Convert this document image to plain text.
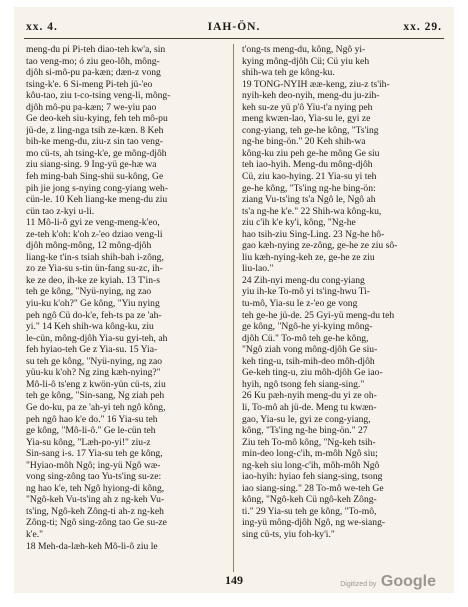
xx. 4.	IAH-ÖN.	xx. 29.
meng-du pi Pi-teh diao-teh kw'a, sin
tao veng-mo; ó ziu geo-lôh, mông-
djôh si-mô-pu pa-kæn; dæn-z vong
tsing-k'e. 6 Si-meng Pi-teh jü-'eo
kôu-tao, ziu t-co-tsing veng-li, mông-
djôh mô-pu pa-kæn; 7 we-yiu pao
Ge deo-keh siu-kying, feh teh mô-pu
jü-de, z ling-nga tsih ze-kæn. 8 Keh
bih-ke meng-du, ziu-z sin tao veng-
mo cü-ts, ah tsing-k'e, ge mông-djôh
ziu siang-sing. 9 Ing-yü ge-hæ wa
feh ming-bah Sing-shü su-kông, Ge
pih jie jong s-nying cong-yiang weh-
cün-le. 10 Keh liang-ke meng-du ziu
cün tao z-kyi u-li.
11 Mô-li-ô gyi ze veng-meng-k'eo,
ze-teh k'oh: k'oh z-'eo dziao veng-li
djôh mông-mông, 12 mông-djôh
liang-ke t'in-s tsiah shih-bah i-zông,
zo ze Yia-su s-tin ün-fang su-zc, ih-
ke ze deo, ih-ke ze kyiah. 13 T'in-s
teh ge kông, "Nyü-nying, ng zao
yiu-ku k'oh?" Ge kông, "Yiu nying
peh ngô Cü do-k'e, feh-ts pa ze 'ah-
yi." 14 Keh shih-wa kông-ku, ziu
le-cün, mông-djôh Yia-su gyi-teh, ah
feh hyiao-teh Ge z Yia-su. 15 Yia-
su teh ge kông, "Nyü-nying, ng zao
yüu-ku k'oh? Ng zing kæh-nying?"
Mô-li-ô ts'eng z kwön-yün cü-ts, ziu
teh ge kông, "Sin-sang, Ng ziah peh
Ge do-ku, pa ze 'ah-yi teh ngô kông,
peh ngô hao k'e do." 16 Yia-su teh
ge kông, "Mô-li-ô." Ge le-cün teh
Yia-su kông, "Læh-po-yi!" ziu-z
Sin-sang i-s. 17 Yia-su teh ge kông,
"Hyiao-môh Ngô; ing-yü Ngô wæ-
vong sing-zông tao Yu-ts'ing su-ze:
ng hao k'e, teh Ngô hyiong-di kông,
"Ngô-keh Vu-ts'ing ah z ng-keh Vu-
ts'ing, Ngô-keh Zông-ti ah-z ng-keh
Zông-ti; Ngô sing-zông tao Ge su-ze
k'e."
18 Meh-da-læh-keh Mô-li-ô ziu le
t'ong-ts meng-du, kông, Ngô yi-
kying mông-djôh Cü; Cü yiu keh
shih-wa teh ge kông-ku.
19 TONG-NYIH ææ-keng, ziu-z ts'ih-
nyih-keh deo-nyih, meng-du ju-zih-
keh su-ze yü p'ô Yiu-t'a nying peh
meng kwæn-lao, Yia-su le, gyi ze
cong-yiang, teh ge-he kông, "Ts'ing
ng-he bing-ön." 20 Keh shih-wa
kông-ku ziu peh ge-he mông Ge siu
teh iao-hyih. Meng-du mông-djôh
Cü, ziu kao-hying. 21 Yia-su yi teh
ge-he kông, "Ts'ing ng-he bing-ön:
ziang Vu-ts'ing ts'a Ngô le, Ngô ah
ts'a ng-he k'e." 22 Shih-wa kông-ku,
ziu c'ih k'e ky'i, kông, "Ng-he
hao tsih-ziu Sing-Ling. 23 Ng-he hô-
gao kæh-nying ze-zông, ge-he ze ziu sô-
liu kæh-nying-keh ze, ge-he ze ziu
liu-lao."
24 Zih-nyi meng-du cong-yiang
yiu ih-ke To-mô yi ts'ing-hwu Ti-
tu-mô, Yia-su le z-'eo ge vong
teh ge-he jü-de. 25 Gyi-yü meng-du teh
ge kông, "Ngô-he yi-kying mông-
djôh Cü." To-mô teh ge-he kông,
"Ngô ziah vong mông-djôh Ge siu-
keh ting-u, tsih-mih-deo môh-djôh
Ge-keh ting-u, ziu môh-djôh Ge iao-
hyih, ngô tsong feh siang-sing."
26 Ku pæh-nyih meng-du yi ze oh-
li, To-mô ah jü-de. Meng tu kwæn-
gao, Yia-su le, gyi ze cong-yiang,
kông, "Ts'ing ng-he bing-ön." 27
Ziu teh To-mô kông, "Ng-keh tsih-
min-deo long-c'ih, m-môh Ngô siu;
ng-keh siu long-c'ih, môh-môh Ngô
iao-hyih: hyiao feh siang-sing, tsong
iao siang-sing." 28 To-mô we-teh Ge
kông, "Ngô-keh Cü ngô-keh Zông-
ti." 29 Yia-su teh ge kông, "To-mô,
ing-yü mông-djôh Ngô, ng we-siang-
sing cü-ts, yiu foh-ky'i."
149	Digitized by Google
